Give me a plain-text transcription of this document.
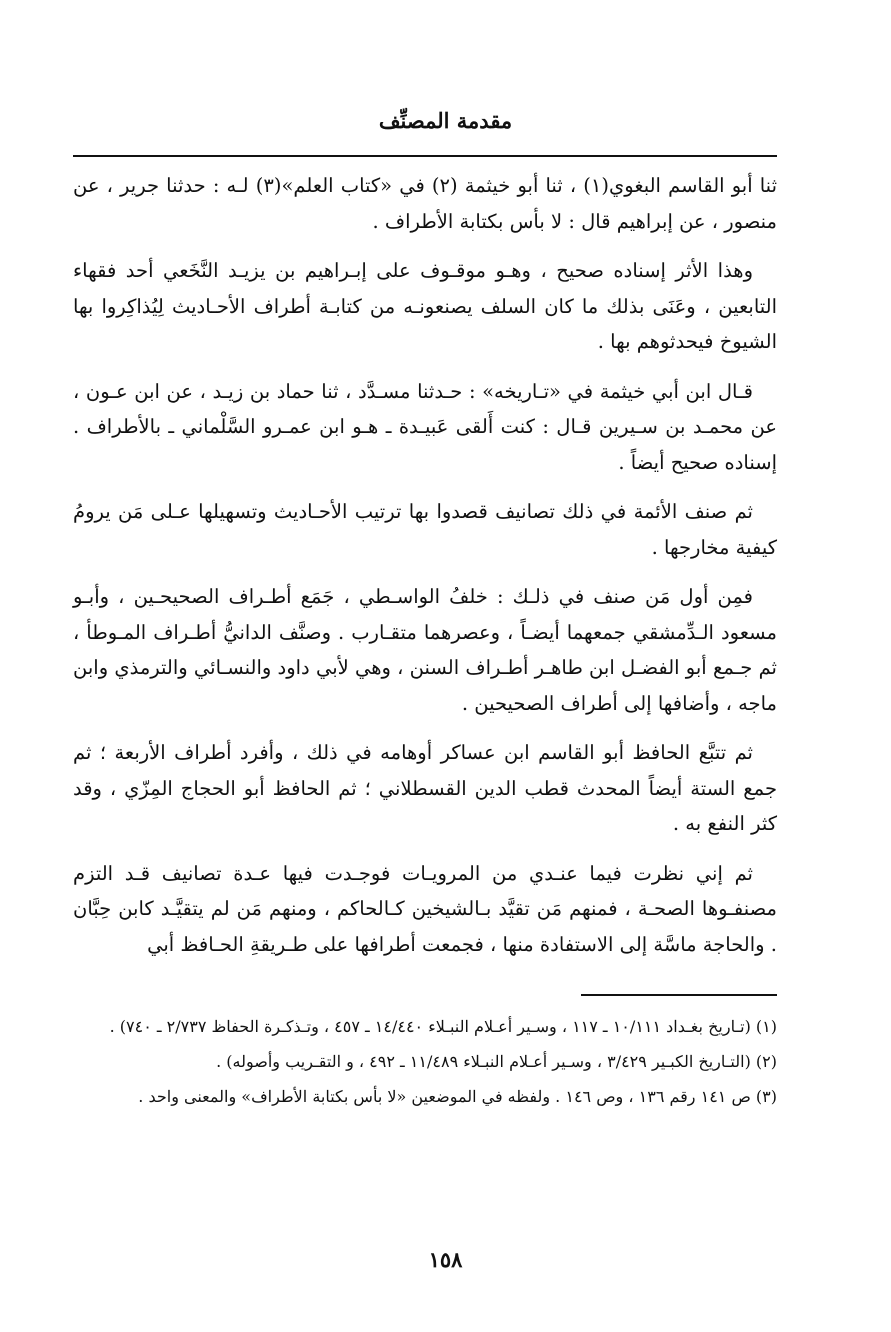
مقدمة المصنِّف

ثنا أبو القاسم البغوي(١) ، ثنا أبو خيثمة (٢) في «كتاب العلم»(٣) لـه : حدثنا جرير ، عن منصور ، عن إبراهيم قال : لا بأس بكتابة الأطراف .

وهذا الأثر إسناده صحيح ، وهـو موقـوف على إبـراهيم بن يزيـد النَّخَعي أحد فقهاء التابعين ، وعَنَى بذلك ما كان السلف يصنعونـه من كتابـة أطراف الأحـاديث لِيُذاكِروا بها الشيوخ فيحدثوهم بها .

قـال ابن أبي خيثمة في «تـاريخه» : حـدثنا مسـدَّد ، ثنا حماد بن زيـد ، عن ابن عـون ، عن محمـد بن سـيرين قـال : كنت أَلقى عَبيـدة ـ هـو ابن عمـرو السَّلْماني ـ بالأطراف . إسناده صحيح أيضاً .

ثم صنف الأئمة في ذلك تصانيف قصدوا بها ترتيب الأحـاديث وتسهيلها عـلى مَن يرومُ كيفية مخارجها .

فمِن أول مَن صنف في ذلـك : خلفُ الواسـطي ، جَمَع أطـراف الصحيحـين ، وأبـو مسعود الـدِّمشقي جمعهما أيضـاً ، وعصرهما متقـارب . وصنَّف الدانيُّ أطـراف المـوطأ ، ثم جـمع أبو الفضـل ابن طاهـر أطـراف السنن ، وهي لأبي داود والنسـائي والترمذي وابن ماجه ، وأضافها إلى أطراف الصحيحين .

ثم تتبَّع الحافظ أبو القاسم ابن عساكر أوهامه في ذلك ، وأفرد أطراف الأربعة ؛ ثم جمع الستة أيضاً المحدث قطب الدين القسطلاني ؛ ثم الحافظ أبو الحجاج المِزّي ، وقد كثر النفع به .

ثم إني نظرت فيما عنـدي من المرويـات فوجـدت فيها عـدة تصانيف قـد التزم مصنفـوها الصحـة ، فمنهم مَن تقيَّد بـالشيخين كـالحاكم ، ومنهم مَن لم يتقيَّـد كابن حِبَّان . والحاجة ماسَّة إلى الاستفادة منها ، فجمعت أطرافها على طـريقةِ الحـافظ أبي

(١) (تـاريخ بغـداد ١٠/١١١ ـ ١١٧ ، وسـير أعـلام النبـلاء ١٤/٤٤٠ ـ ٤٥٧ ، وتـذكـرة الحفاظ ٢/٧٣٧ ـ ٧٤٠) .

(٢) (التـاريخ الكبـير ٣/٤٢٩ ، وسـير أعـلام النبـلاء ١١/٤٨٩ ـ ٤٩٢ ، و التقـريب وأصوله) .

(٣) ص ١٤١ رقم ١٣٦ ، وص ١٤٦ . ولفظه في الموضعين «لا بأس بكتابة الأطراف» والمعنى واحد .

١٥٨
